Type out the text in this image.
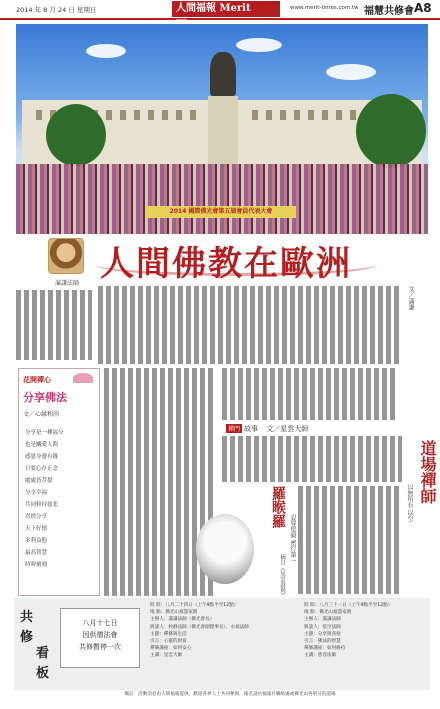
2014 年 8 月 24 日 星期日	人間福報 Merit	www.merit-times.com.tw 福慧共修會 A8
2014 國際佛光會第五屆會員代表大會
滿謙法師 人間佛教在歐洲
文／滿謙
花開禪心
分享佛法
文／心縁和尚
分享是一種福分
也是關愛人間
感恩身邊有緣
只要心存正念
處處皆菩提
分享幸福
共同修持慈悲
喜捨分享
天下好德
多利益他
最高智慧
時時刻刻
禪門 故事 文／星雲大師
羅睺羅
忍辱堅毅 密行第一
摘自《星雲說偈》
道場禪師
以無所有 以空
共
修
看
板
八月十七日
因供僧法會
共修暫停一次
時 間：八月二十四日（上午9點半至12點）
地 點：佛光山福慧家園
主辦人：滿謙法師（佛光會長）
與談人：妙靜法師（佛光會副理事長）、永福法師
主題：禪修與生活
引言：心靈的財富
禪修講座：如何安心
主講：星雲大師
時 間：八月三十一日（上午9點半至12點）
地 點：佛光山福慧家園
主辦人：滿謙法師
與談人：依空法師
主題：分享與喜捨
引言：佛法的智慧
禪修講座：如何修持
主講：慈容法師
備註：活動消息由人間福報提供，歡迎各界人士共同參與，報名請洽福報社聯絡處或佛光山各別分院道場
